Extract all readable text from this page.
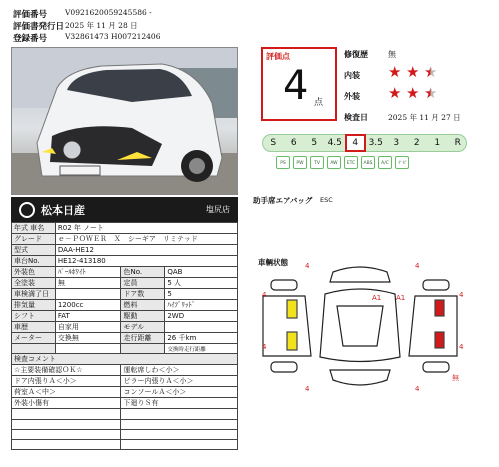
評価番号	V09216200592455​86 -
評価書発行日 2025 年 11 月 28 日
登録番号	V32861473 H007212406
松本日産	塩尻店
年式 車名	R02 年 ノート		
グレード	ｅ－ＰＯＷＥＲ　Ｘ　シーギア　リミテッド		
型式	DAA-HE12		
車台No.	HE12-413180		
外装色	ﾊﾟｰﾙﾎﾜｲﾄ	色No.	QAB
全塗装	無	定員	5 人
車検満了日		ドア数	5
排気量	1200cc	燃料	ﾊｲﾌﾞﾘｯﾄﾞ
シフト	FAT	駆動	2WD
車歴	自家用	モデル	
メーター	交換無	走行距離	26 千km
			交換時走行距離
検査コメント			
☆主要装備確認ＯＫ☆		運転席しわ＜小＞	
ドア内張りＡ＜小＞		ピラー内張りＡ＜小＞	
荷室Ａ＜中＞		コンソールＡ＜小＞	
外装小傷有		下廻りＳ有	

評価点
4 点
修復歴	無
内装
外装
検査日	2025 年 11 月 27 日
★ ★ ★
★ ★ ★
S	6	5	4.5	4	3.5	3	2	1	R
助手席エアバッグ ESC
車輌状態
PS	PW	TV	AW	ETC	ABS	A/C	ナビ
4	4
4	4
A1 A1
4	4
4	4
無
